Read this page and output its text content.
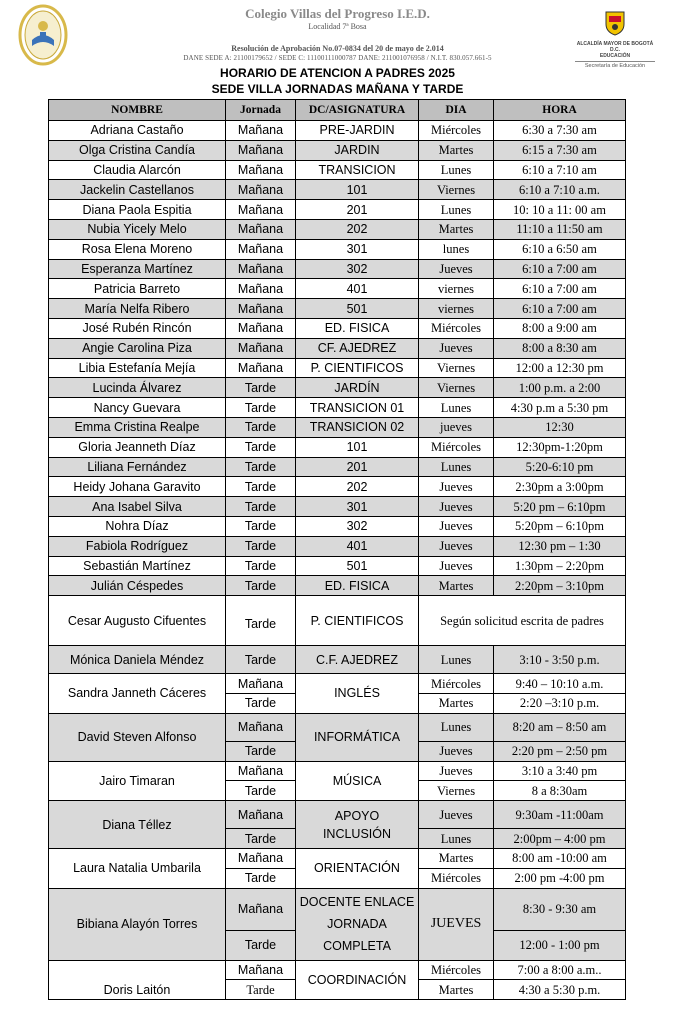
Colegio Villas del Progreso I.E.D.
Localidad 7ª Bosa
Resolución de Aprobación No.07-0834 del 20 de mayo de 2.014
DANE SEDE A: 21100179652 / SEDE C: 11100111000787 DANE: 211001076958 / N.I.T. 830.057.661-5
HORARIO DE ATENCION A PADRES 2025
SEDE VILLA JORNADAS MAÑANA Y TARDE
ALCALDÍA MAYOR DE BOGOTÁ D.C.
EDUCACIÓN
Secretaría de Educación
NOMBRE	Jornada	DC/ASIGNATURA	DIA	HORA
Adriana Castaño	Mañana	PRE-JARDIN	Miércoles	6:30 a 7:30 am
Olga Cristina Candía	Mañana	JARDIN	Martes	6:15 a 7:30 am
Claudia Alarcón	Mañana	TRANSICION	Lunes	6:10 a 7:10 am
Jackelin Castellanos	Mañana	101	Viernes	6:10 a 7:10 a.m.
Diana Paola Espitia	Mañana	201	Lunes	10: 10 a 11: 00 am
Nubia Yicely Melo	Mañana	202	Martes	11:10 a 11:50 am
Rosa Elena Moreno	Mañana	301	lunes	6:10 a 6:50 am
Esperanza Martínez	Mañana	302	Jueves	6:10 a 7:00 am
Patricia Barreto	Mañana	401	viernes	6:10 a 7:00 am
María Nelfa Ribero	Mañana	501	viernes	6:10 a 7:00 am
José Rubén Rincón	Mañana	ED. FISICA	Miércoles	8:00 a 9:00 am
Angie Carolina Piza	Mañana	CF. AJEDREZ	Jueves	8:00 a 8:30 am
Libia Estefanía Mejía	Mañana	P. CIENTIFICOS	Viernes	12:00 a 12:30 pm
Lucinda Álvarez	Tarde	JARDÍN	Viernes	1:00 p.m. a 2:00
Nancy Guevara	Tarde	TRANSICION 01	Lunes	4:30 p.m a 5:30 pm
Emma Cristina Realpe	Tarde	TRANSICION 02	jueves	12:30
Gloria Jeanneth Díaz	Tarde	101	Miércoles	12:30pm-1:20pm
Liliana Fernández	Tarde	201	Lunes	5:20-6:10 pm
Heidy Johana Garavito	Tarde	202	Jueves	2:30pm a 3:00pm
Ana Isabel Silva	Tarde	301	Jueves	5:20 pm – 6:10pm
Nohra Díaz	Tarde	302	Jueves	5:20pm – 6:10pm
Fabiola Rodríguez	Tarde	401	Jueves	12:30 pm – 1:30
Sebastián Martínez	Tarde	501	Jueves	1:30pm – 2:20pm
Julián Céspedes	Tarde	ED. FISICA	Martes	2:20pm – 3:10pm
Cesar Augusto Cifuentes	Tarde	P. CIENTIFICOS	Según solicitud escrita de padres	
Mónica Daniela Méndez	Tarde	C.F. AJEDREZ	Lunes	3:10 - 3:50 p.m.
Sandra Janneth Cáceres	Mañana	INGLÉS	Miércoles	9:40 – 10:10 a.m.
	Tarde		Martes	2:20 –3:10 p.m.
David Steven Alfonso	Mañana	INFORMÁTICA	Lunes	8:20 am – 8:50 am
	Tarde		Jueves	2:20 pm – 2:50 pm
Jairo Timaran	Mañana	MÚSICA	Jueves	3:10 a 3:40 pm
	Tarde		Viernes	8 a 8:30am
Diana Téllez	Mañana	APOYO
INCLUSIÓN	Jueves	9:30am -11:00am
	Tarde		Lunes	2:00pm – 4:00 pm
Laura Natalia Umbarila	Mañana	ORIENTACIÓN	Martes	8:00 am -10:00 am
	Tarde		Miércoles	2:00 pm -4:00 pm
Bibiana Alayón Torres	Mañana	DOCENTE ENLACE
JORNADA
COMPLETA	JUEVES	8:30 - 9:30 am
	Tarde			12:00 - 1:00 pm
Doris Laitón	Mañana	COORDINACIÓN	Miércoles	7:00 a 8:00 a.m..
	Tarde		Martes	4:30 a 5:30 p.m.
